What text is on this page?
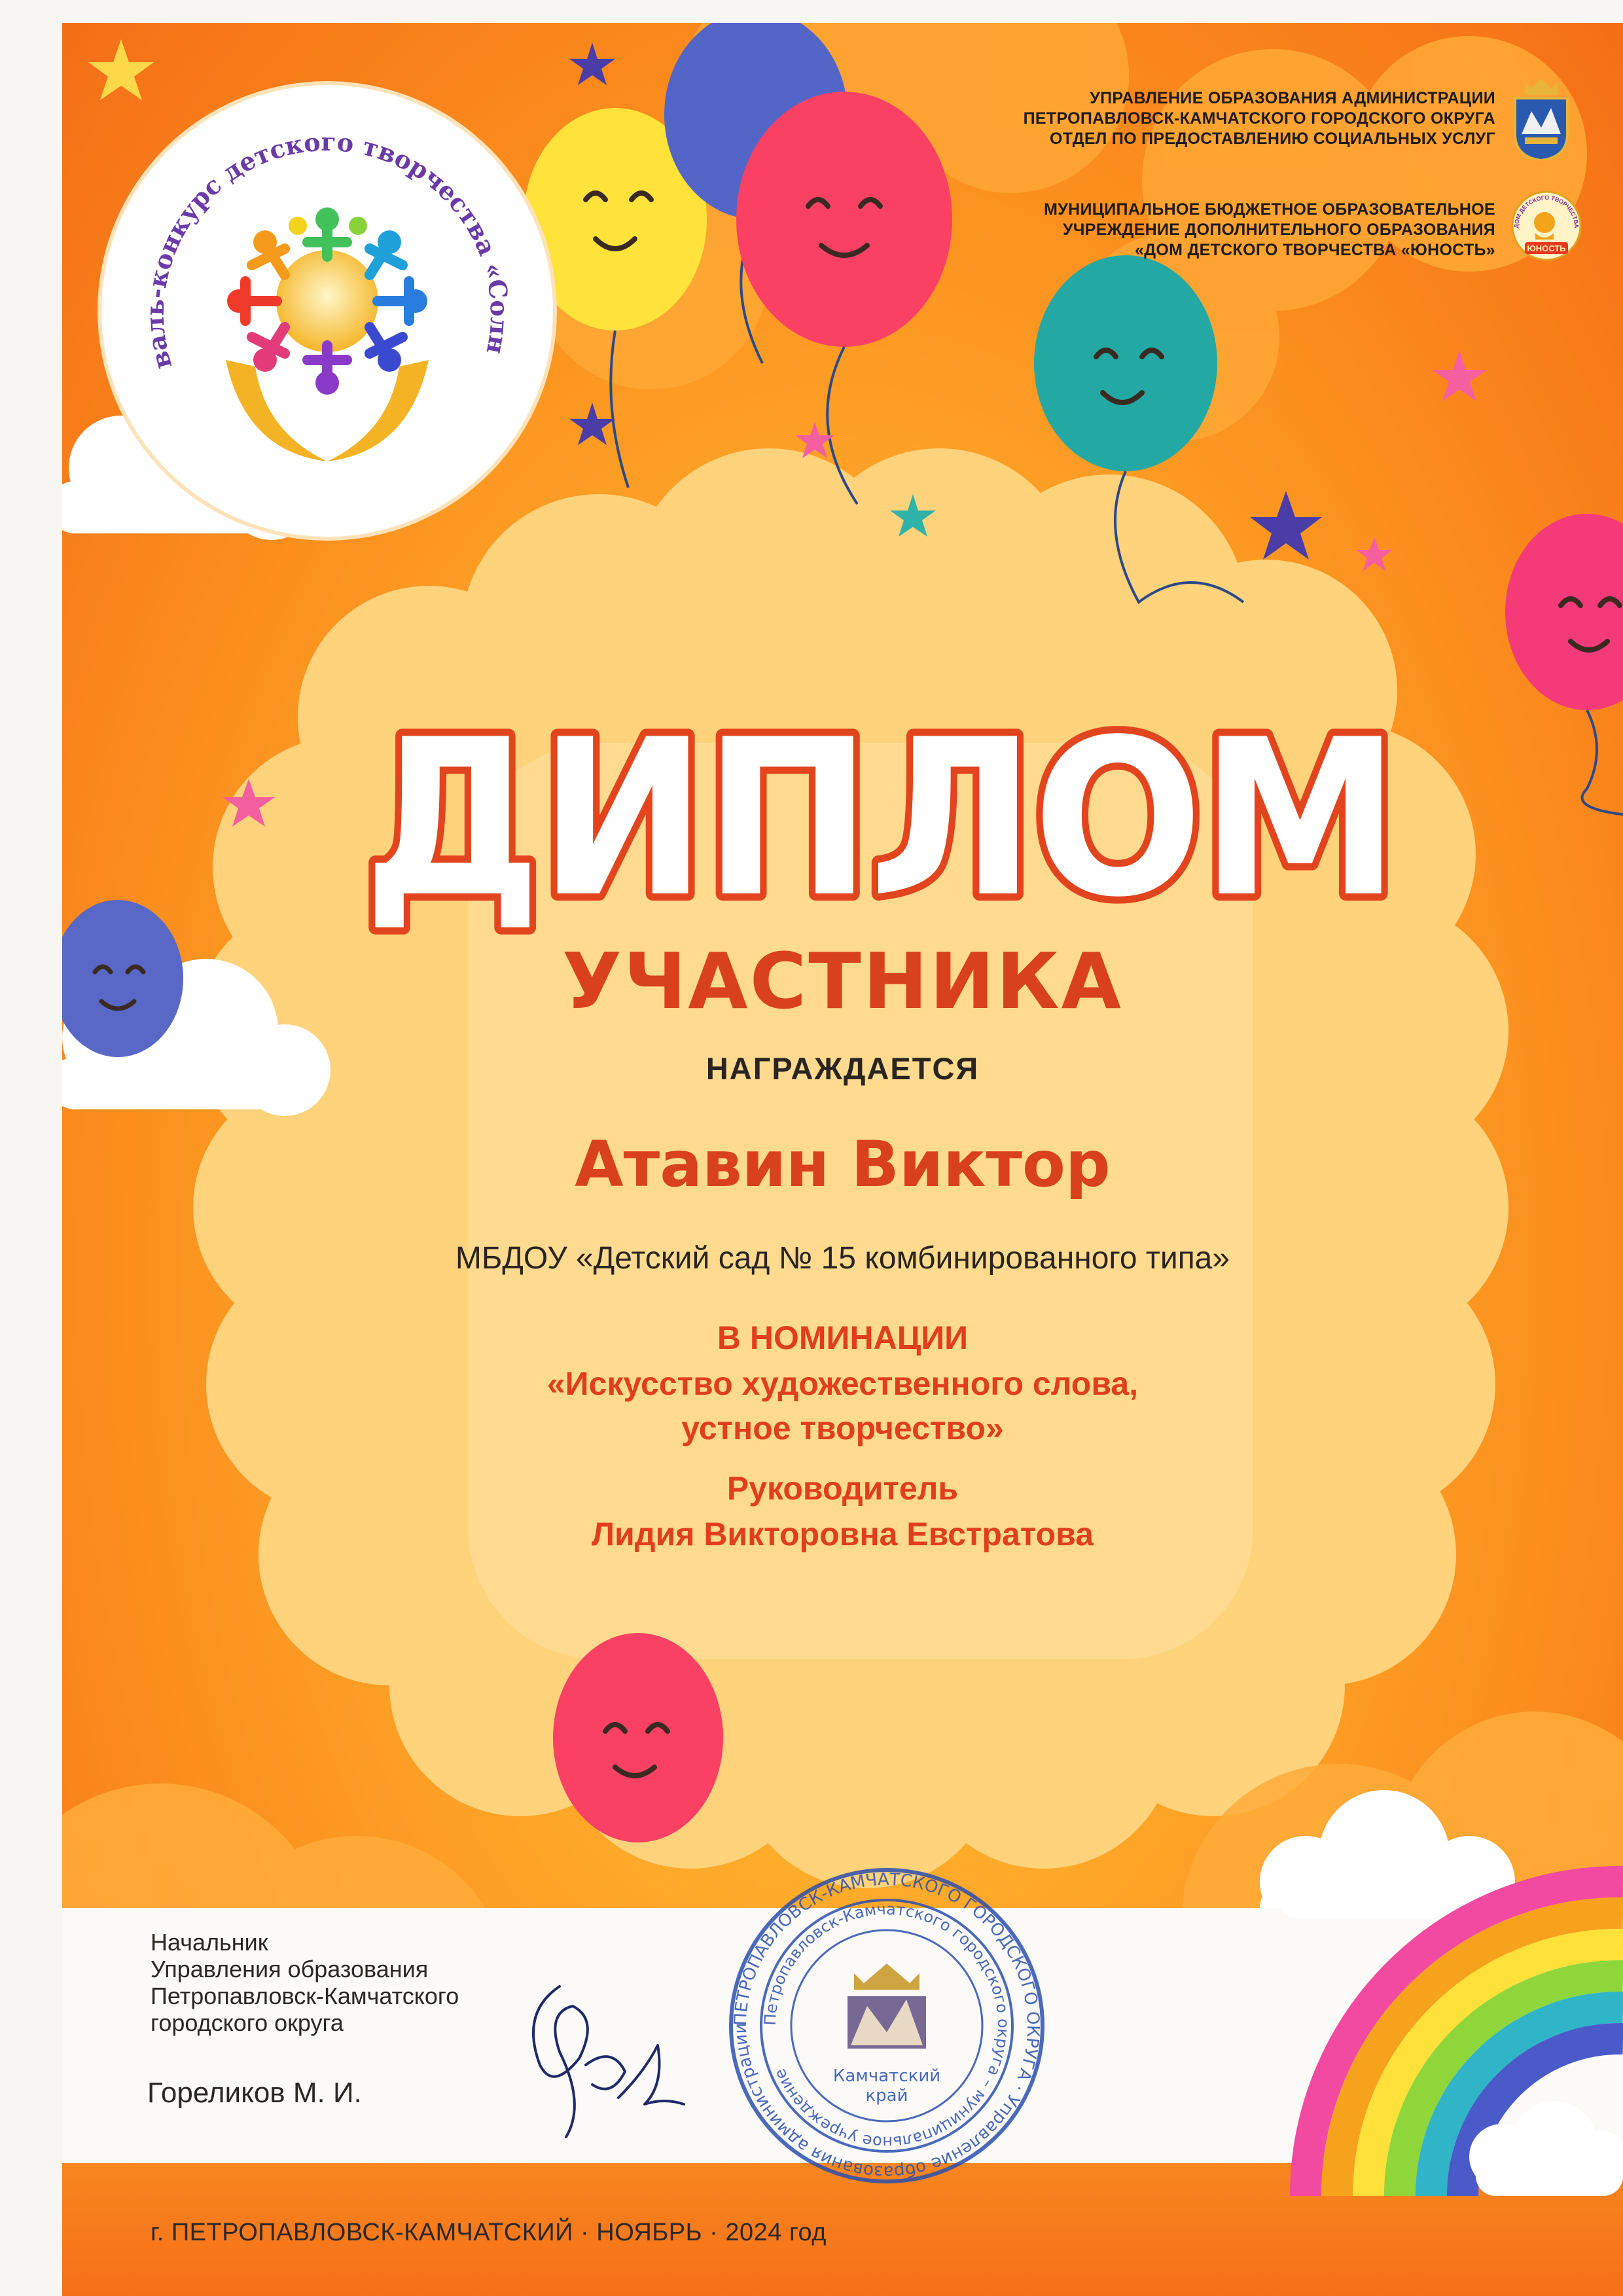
валь-конкурс детского творчества «Солн
УПРАВЛЕНИЕ ОБРАЗОВАНИЯ АДМИНИСТРАЦИИ
ПЕТРОПАВЛОВСК-КАМЧАТСКОГО ГОРОДСКОГО ОКРУГА
ОТДЕЛ ПО ПРЕДОСТАВЛЕНИЮ СОЦИАЛЬНЫХ УСЛУГ
МУНИЦИПАЛЬНОЕ БЮДЖЕТНОЕ ОБРАЗОВАТЕЛЬНОЕ
УЧРЕЖДЕНИЕ ДОПОЛНИТЕЛЬНОГО ОБРАЗОВАНИЯ
«ДОМ ДЕТСКОГО ТВОРЧЕСТВА «ЮНОСТЬ»
ДОМ ДЕТСКОГО ТВОРЧЕСТВА
ЮНОСТЬ
ДИПЛОМ
УЧАСТНИКА
НАГРАЖДАЕТСЯ
Атавин Виктор
МБДОУ «Детский сад № 15 комбинированного типа»
В НОМИНАЦИИ
«Искусство художественного слова,
устное творчество»
Руководитель
Лидия Викторовна Евстратова
Начальник
Управления образования
Петропавловск-Камчатского
городского округа
Гореликов М. И.
ПЕТРОПАВЛОВСК-КАМЧАТСКОГО ГОРОДСКОГО ОКРУГА · Управление образования администрации
Петропавловск-Камчатского городского округа – муниципальное учреждение	Камчатский
край
г. ПЕТРОПАВЛОВСК-КАМЧАТСКИЙ · НОЯБРЬ · 2024 год
